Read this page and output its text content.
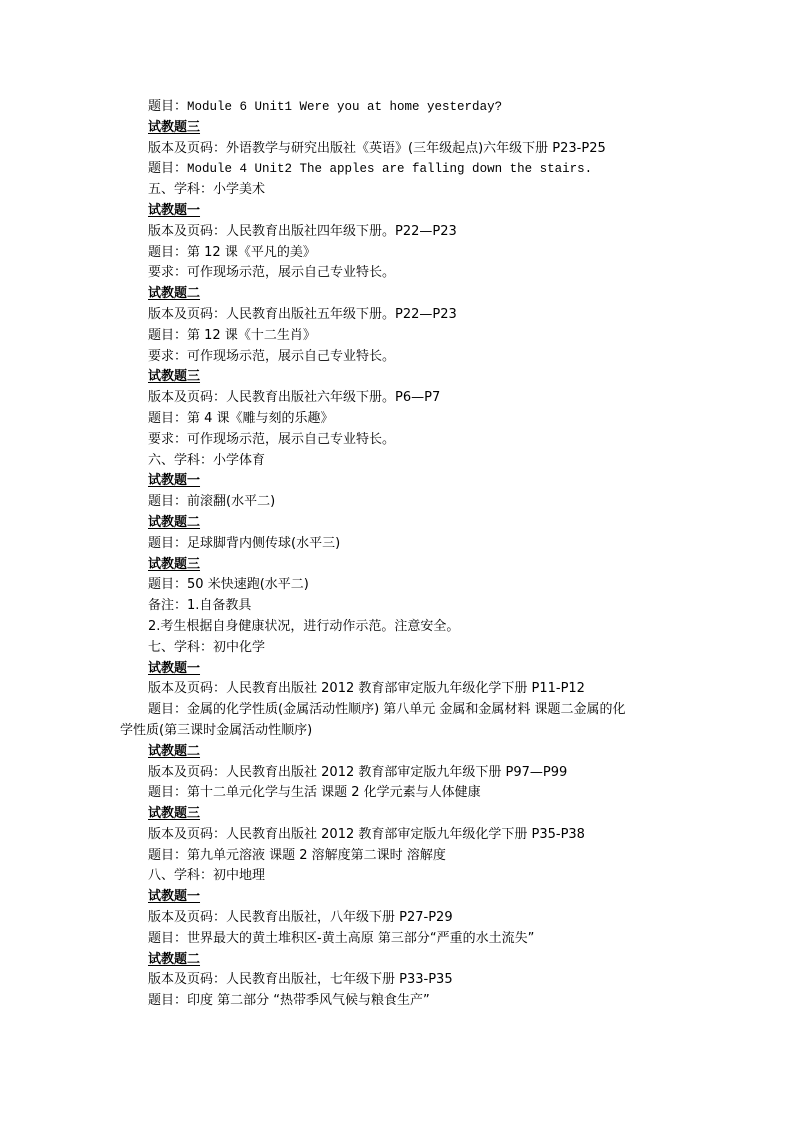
题目：Module 6 Unit1 Were you at home yesterday?
试教题三
版本及页码：外语教学与研究出版社《英语》(三年级起点)六年级下册 P23-P25
题目：Module 4 Unit2 The apples are falling down the stairs.
五、学科：小学美术
试教题一
版本及页码：人民教育出版社四年级下册。P22—P23
题目：第 12 课《平凡的美》
要求：可作现场示范，展示自己专业特长。
试教题二
版本及页码：人民教育出版社五年级下册。P22—P23
题目：第 12 课《十二生肖》
要求：可作现场示范，展示自己专业特长。
试教题三
版本及页码：人民教育出版社六年级下册。P6—P7
题目：第 4 课《雕与刻的乐趣》
要求：可作现场示范，展示自己专业特长。
六、学科：小学体育
试教题一
题目：前滚翻(水平二)
试教题二
题目：足球脚背内侧传球(水平三)
试教题三
题目：50 米快速跑(水平二)
备注：1.自备教具
2.考生根据自身健康状况，进行动作示范。注意安全。
七、学科：初中化学
试教题一
版本及页码：人民教育出版社 2012 教育部审定版九年级化学下册 P11-P12
题目：金属的化学性质(金属活动性顺序) 第八单元 金属和金属材料 课题二金属的化
学性质(第三课时金属活动性顺序)
试教题二
版本及页码：人民教育出版社 2012 教育部审定版九年级下册 P97—P99
题目：第十二单元化学与生活 课题 2 化学元素与人体健康
试教题三
版本及页码：人民教育出版社 2012 教育部审定版九年级化学下册 P35-P38
题目：第九单元溶液 课题 2 溶解度第二课时 溶解度
八、学科：初中地理
试教题一
版本及页码：人民教育出版社，八年级下册 P27-P29
题目：世界最大的黄土堆积区-黄土高原 第三部分“严重的水土流失”
试教题二
版本及页码：人民教育出版社，七年级下册 P33-P35
题目：印度 第二部分 “热带季风气候与粮食生产”
